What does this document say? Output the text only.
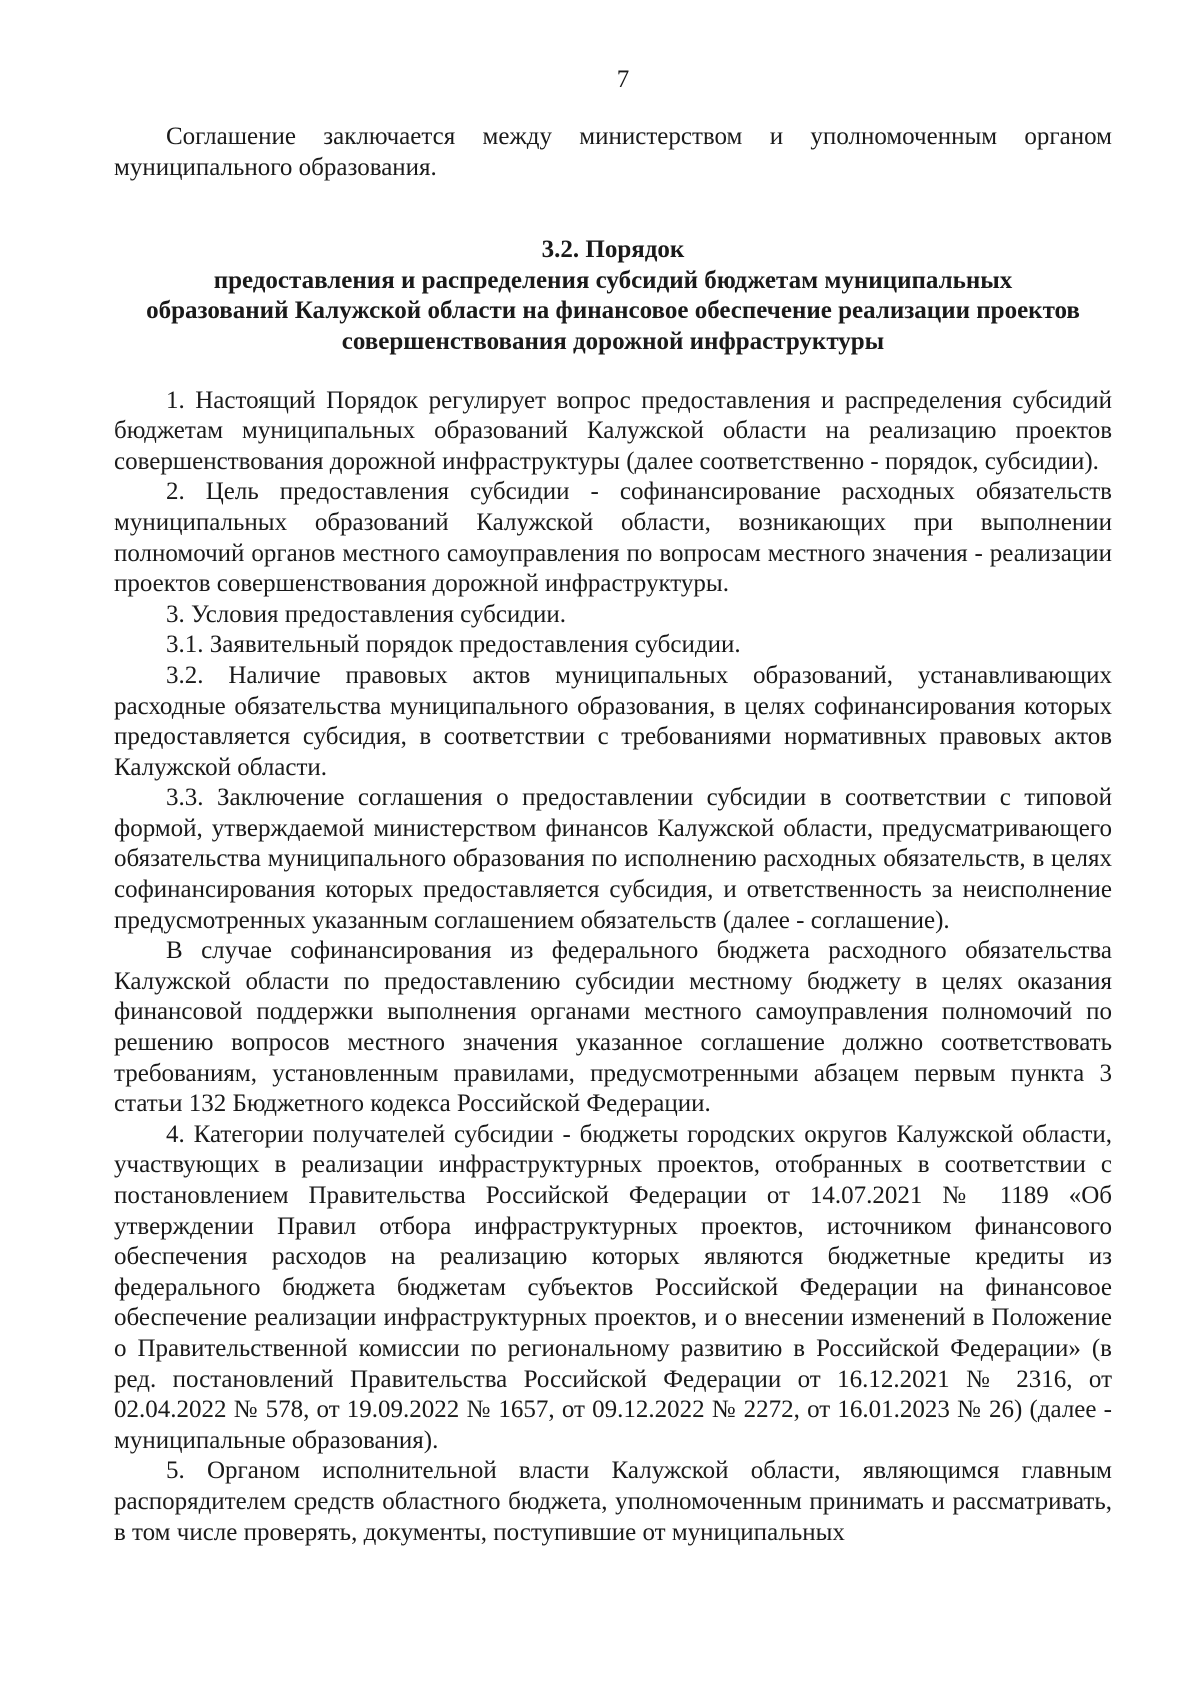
7

Соглашение заключается между министерством и уполномоченным органом муниципального образования.

3.2. Порядок
предоставления и распределения субсидий бюджетам муниципальных
образований Калужской области на финансовое обеспечение реализации проектов
совершенствования дорожной инфраструктуры

1. Настоящий Порядок регулирует вопрос предоставления и распределения субсидий бюджетам муниципальных образований Калужской области на реализацию проектов совершенствования дорожной инфраструктуры (далее соответственно - порядок, субсидии).

2. Цель предоставления субсидии - софинансирование расходных обязательств муниципальных образований Калужской области, возникающих при выполнении полномочий органов местного самоуправления по вопросам местного значения - реализации проектов совершенствования дорожной инфраструктуры.

3. Условия предоставления субсидии.

3.1. Заявительный порядок предоставления субсидии.

3.2. Наличие правовых актов муниципальных образований, устанавливающих расходные обязательства муниципального образования, в целях софинансирования которых предоставляется субсидия, в соответствии с требованиями нормативных правовых актов Калужской области.

3.3. Заключение соглашения о предоставлении субсидии в соответствии с типовой формой, утверждаемой министерством финансов Калужской области, предусматривающего обязательства муниципального образования по исполнению расходных обязательств, в целях софинансирования которых предоставляется субсидия, и ответственность за неисполнение предусмотренных указанным соглашением обязательств (далее - соглашение).

В случае софинансирования из федерального бюджета расходного обязательства Калужской области по предоставлению субсидии местному бюджету в целях оказания финансовой поддержки выполнения органами местного самоуправления полномочий по решению вопросов местного значения указанное соглашение должно соответствовать требованиям, установленным правилами, предусмотренными абзацем первым пункта 3 статьи 132 Бюджетного кодекса Российской Федерации.

4. Категории получателей субсидии - бюджеты городских округов Калужской области, участвующих в реализации инфраструктурных проектов, отобранных в соответствии с постановлением Правительства Российской Федерации от 14.07.2021 № 1189 «Об утверждении Правил отбора инфраструктурных проектов, источником финансового обеспечения расходов на реализацию которых являются бюджетные кредиты из федерального бюджета бюджетам субъектов Российской Федерации на финансовое обеспечение реализации инфраструктурных проектов, и о внесении изменений в Положение о Правительственной комиссии по региональному развитию в Российской Федерации» (в ред. постановлений Правительства Российской Федерации от 16.12.2021 № 2316, от 02.04.2022 № 578, от 19.09.2022 № 1657, от 09.12.2022 № 2272, от 16.01.2023 № 26) (далее - муниципальные образования).

5. Органом исполнительной власти Калужской области, являющимся главным распорядителем средств областного бюджета, уполномоченным принимать и рассматривать, в том числе проверять, документы, поступившие от муниципальных
